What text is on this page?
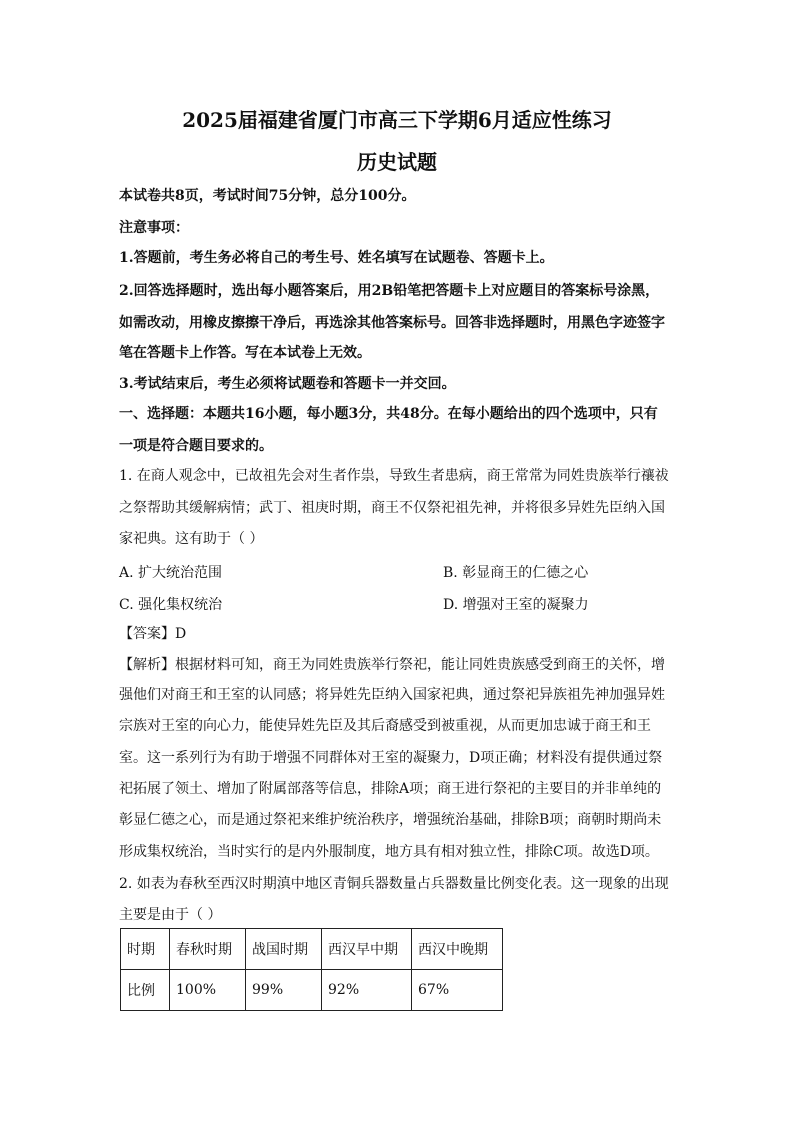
2025届福建省厦门市高三下学期6月适应性练习
历史试题
本试卷共8页，考试时间75分钟，总分100分。
注意事项：
1.答题前，考生务必将自己的考生号、姓名填写在试题卷、答题卡上。
2.回答选择题时，选出每小题答案后，用2B铅笔把答题卡上对应题目的答案标号涂黑，
如需改动，用橡皮擦擦干净后，再选涂其他答案标号。回答非选择题时，用黑色字迹签字
笔在答题卡上作答。写在本试卷上无效。
3.考试结束后，考生必须将试题卷和答题卡一并交回。
一、选择题：本题共16小题，每小题3分，共48分。在每小题给出的四个选项中，只有
一项是符合题目要求的。
1. 在商人观念中，已故祖先会对生者作祟，导致生者患病，商王常常为同姓贵族举行禳祓
之祭帮助其缓解病情；武丁、祖庚时期，商王不仅祭祀祖先神，并将很多异姓先臣纳入国
家祀典。这有助于（ ）
A. 扩大统治范围	B. 彰显商王的仁德之心
C. 强化集权统治	D. 增强对王室的凝聚力
【答案】D
【解析】根据材料可知，商王为同姓贵族举行祭祀，能让同姓贵族感受到商王的关怀，增
强他们对商王和王室的认同感；将异姓先臣纳入国家祀典，通过祭祀异族祖先神加强异姓
宗族对王室的向心力，能使异姓先臣及其后裔感受到被重视，从而更加忠诚于商王和王
室。这一系列行为有助于增强不同群体对王室的凝聚力，D项正确；材料没有提供通过祭
祀拓展了领土、增加了附属部落等信息，排除A项；商王进行祭祀的主要目的并非单纯的
彰显仁德之心，而是通过祭祀来维护统治秩序，增强统治基础，排除B项；商朝时期尚未
形成集权统治，当时实行的是内外服制度，地方具有相对独立性，排除C项。故选D项。
2. 如表为春秋至西汉时期滇中地区青铜兵器数量占兵器数量比例变化表。这一现象的出现
主要是由于（ ）
时期	春秋时期	战国时期	西汉早中期	西汉中晚期
比例	100%	99%	92%	67%
